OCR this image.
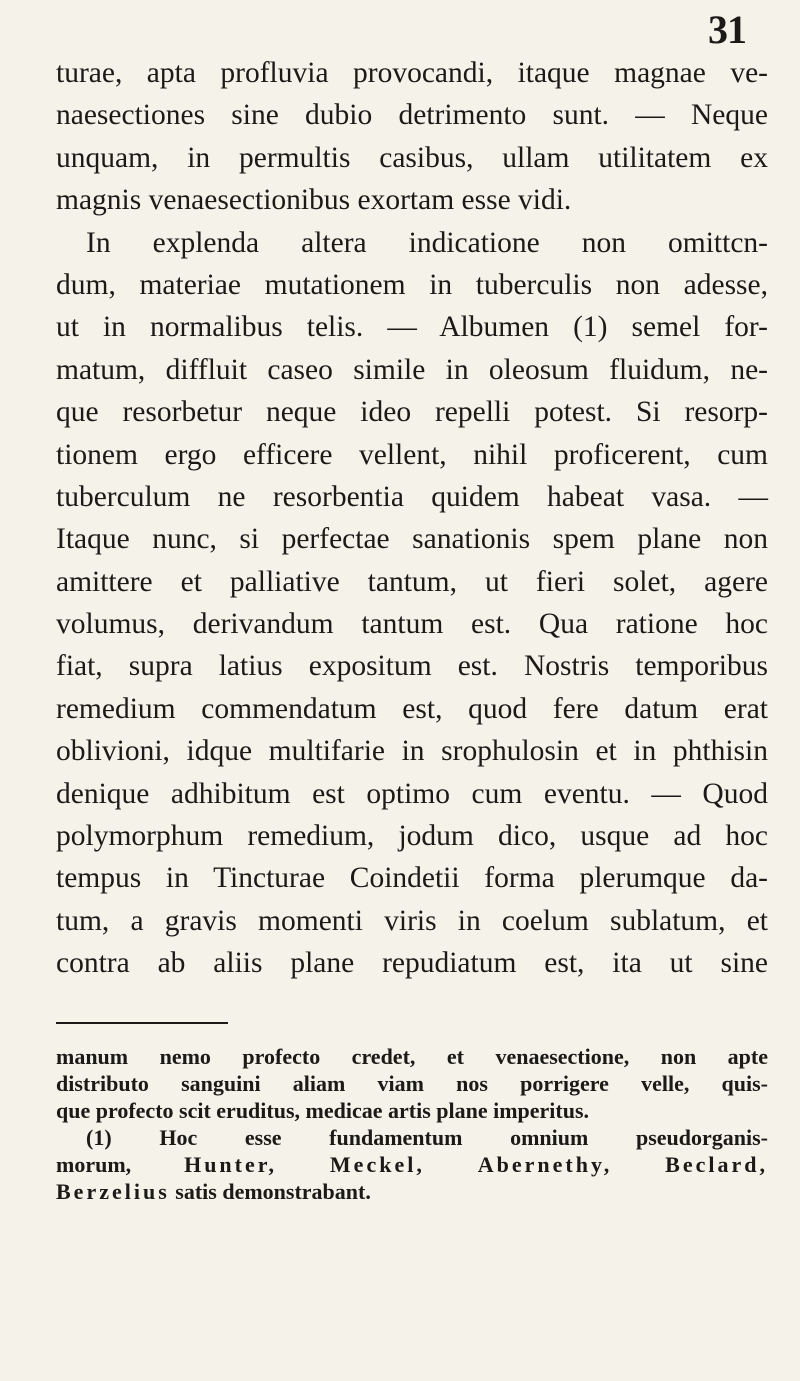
31
turae, apta profluvia provocandi, itaque magnae ve-
naesectiones sine dubio detrimento sunt. — Neque
unquam, in permultis casibus, ullam utilitatem ex
magnis venaesectionibus exortam esse vidi.
In explenda altera indicatione non omittcn-
dum, materiae mutationem in tuberculis non adesse,
ut in normalibus telis. — Albumen (1) semel for-
matum, diffluit caseo simile in oleosum fluidum, ne-
que resorbetur neque ideo repelli potest. Si resorp-
tionem ergo efficere vellent, nihil proficerent, cum
tuberculum ne resorbentia quidem habeat vasa. —
Itaque nunc, si perfectae sanationis spem plane non
amittere et palliative tantum, ut fieri solet, agere
volumus, derivandum tantum est. Qua ratione hoc
fiat, supra latius expositum est. Nostris temporibus
remedium commendatum est, quod fere datum erat
oblivioni, idque multifarie in srophulosin et in phthisin
denique adhibitum est optimo cum eventu. — Quod
polymorphum remedium, jodum dico, usque ad hoc
tempus in Tincturae Coindetii forma plerumque da-
tum, a gravis momenti viris in coelum sublatum, et
contra ab aliis plane repudiatum est, ita ut sine
manum nemo profecto credet, et venaesectione, non apte
distributo sanguini aliam viam nos porrigere velle, quis-
que profecto scit eruditus, medicae artis plane imperitus.
(1) Hoc esse fundamentum omnium pseudorganis-
morum, Hunter, Meckel, Abernethy, Beclard,
Berzelius satis demonstrabant.
